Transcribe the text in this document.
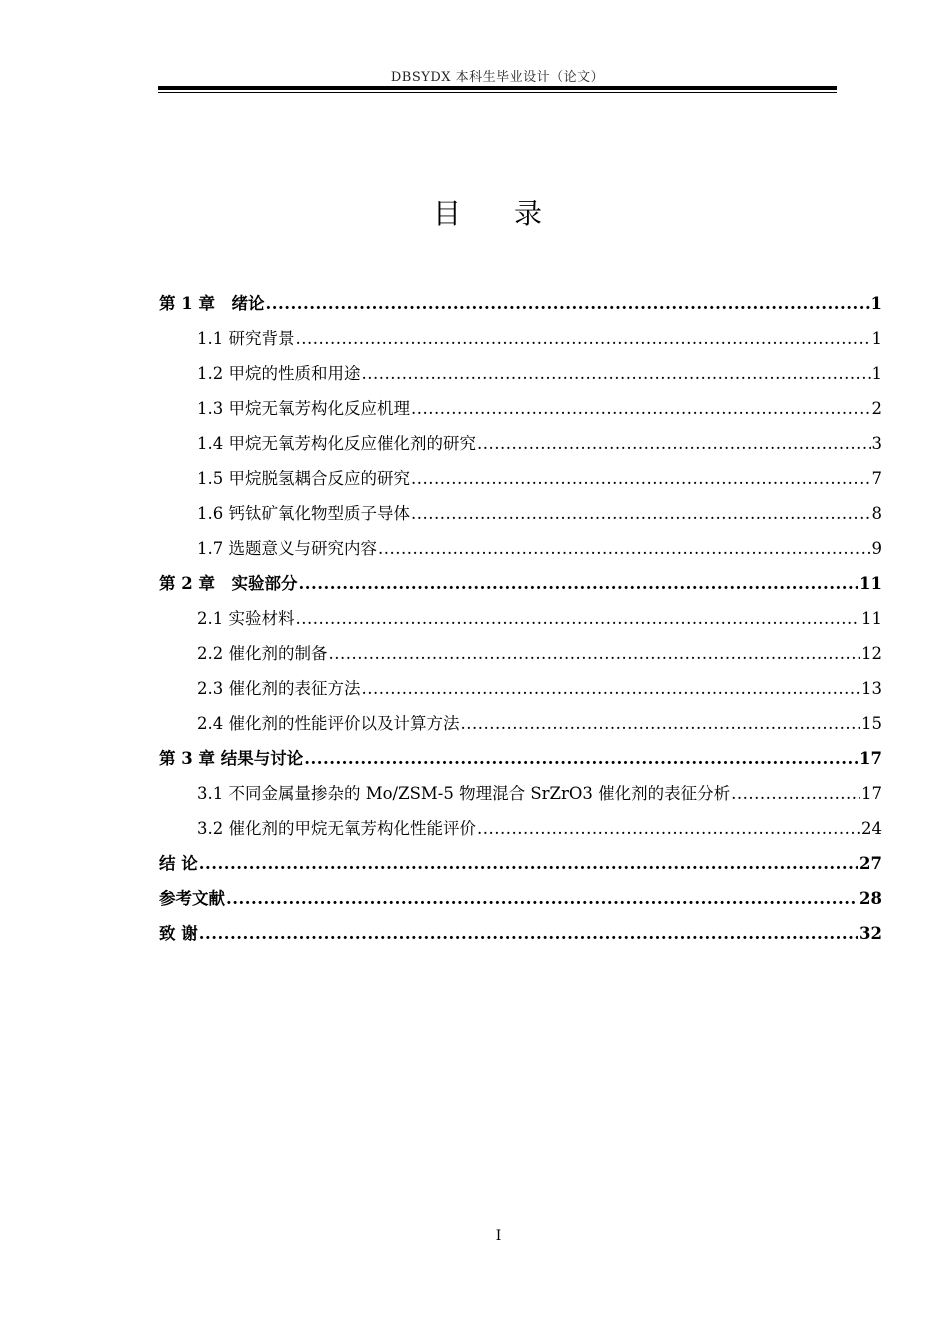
DBSYDX 本科生毕业设计（论文）
目 录
第 1 章　绪论 .....	1
1.1 研究背景 .....	1
1.2 甲烷的性质和用途 .....	1
1.3 甲烷无氧芳构化反应机理 .....	2
1.4 甲烷无氧芳构化反应催化剂的研究 .....	3
1.5 甲烷脱氢耦合反应的研究 .....	7
1.6 钙钛矿氧化物型质子导体 .....	8
1.7 选题意义与研究内容 .....	9
第 2 章　实验部分 .....	11
2.1 实验材料 .....	11
2.2 催化剂的制备 .....	12
2.3 催化剂的表征方法 .....	13
2.4 催化剂的性能评价以及计算方法 .....	15
第 3 章 结果与讨论 .....	17
3.1 不同金属量掺杂的 Mo/ZSM-5 物理混合 SrZrO3 催化剂的表征分析 .....	17
3.2 催化剂的甲烷无氧芳构化性能评价 .....	24
结 论 .....	27
参考文献 .....	28
致 谢 .....	32
I
